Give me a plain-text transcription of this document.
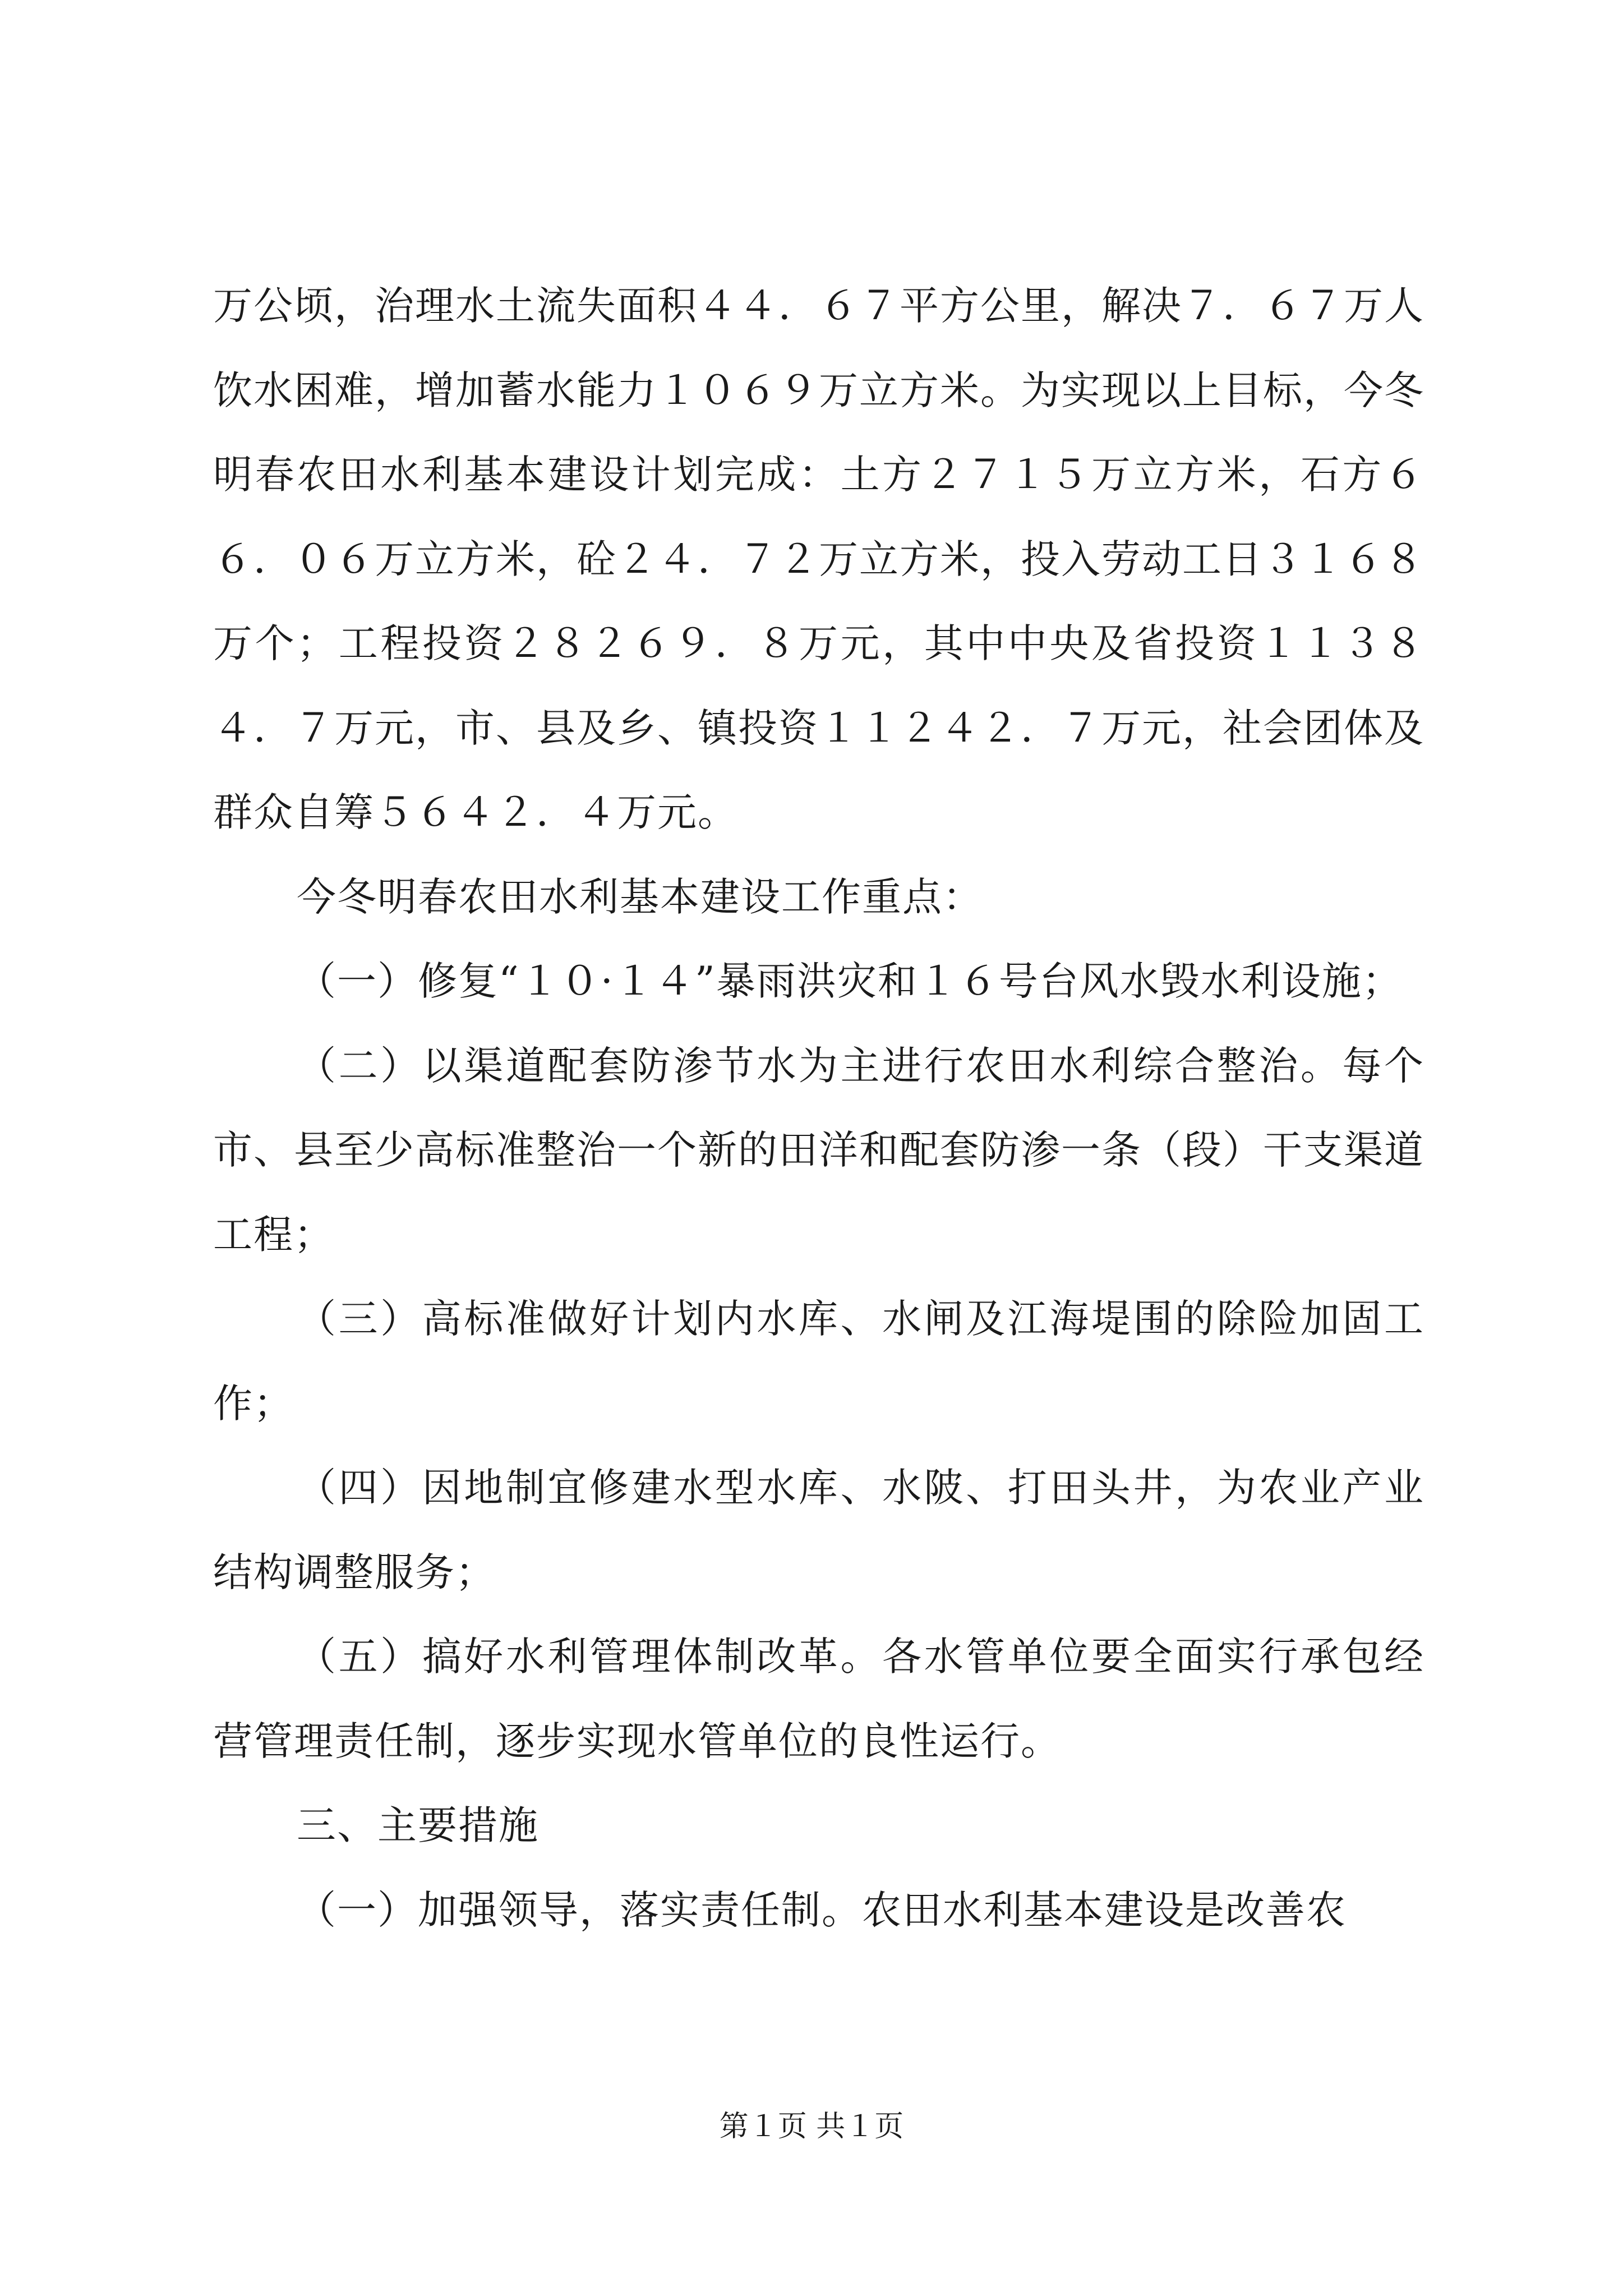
万公顷，治理水土流失面积４４．６７平方公里，解决７．６７万人饮水困难，增加蓄水能力１０６９万立方米。为实现以上目标，今冬明春农田水利基本建设计划完成：土方２７１５万立方米，石方６６．０６万立方米，砼２４．７２万立方米，投入劳动工日３１６８万个；工程投资２８２６９．８万元，其中中央及省投资１１３８４．７万元，市、县及乡、镇投资１１２４２．７万元，社会团体及群众自筹５６４２．４万元。

今冬明春农田水利基本建设工作重点：

（一）修复“１０·１４”暴雨洪灾和１６号台风水毁水利设施；

（二）以渠道配套防渗节水为主进行农田水利综合整治。每个市、县至少高标准整治一个新的田洋和配套防渗一条（段）干支渠道工程；

（三）高标准做好计划内水库、水闸及江海堤围的除险加固工作；

（四）因地制宜修建水型水库、水陂、打田头井，为农业产业结构调整服务；

（五）搞好水利管理体制改革。各水管单位要全面实行承包经营管理责任制，逐步实现水管单位的良性运行。

三、主要措施

（一）加强领导，落实责任制。农田水利基本建设是改善农

第１页 共１页
